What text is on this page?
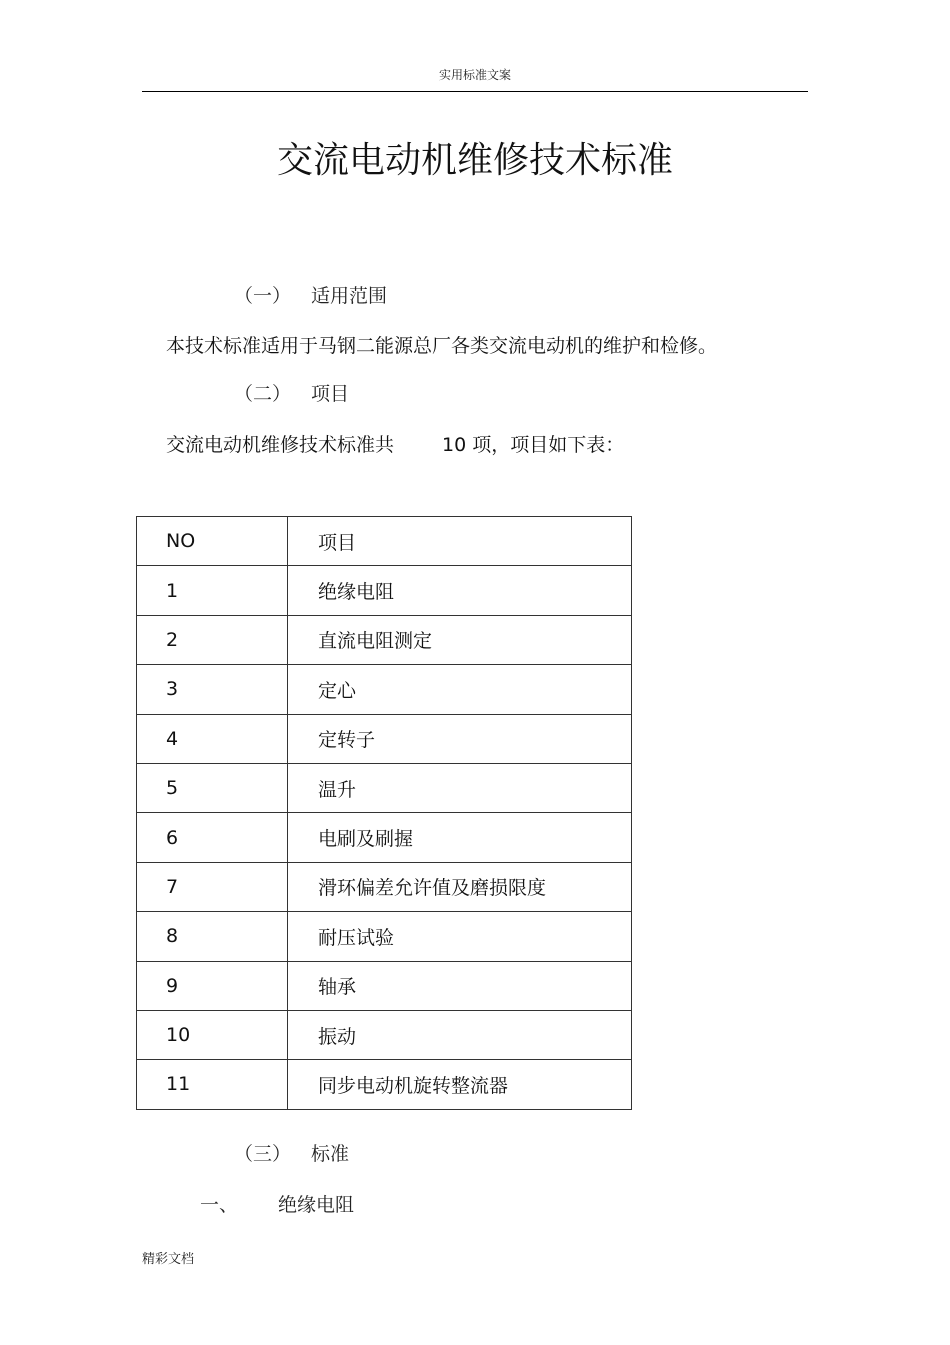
实用标准文案
交流电动机维修技术标准
（一） 适用范围
本技术标准适用于马钢二能源总厂各类交流电动机的维护和检修。
（二） 项目
交流电动机维修技术标准共	10 项，项目如下表：
NO	项目
1	绝缘电阻
2	直流电阻测定
3	定心
4	定转子
5	温升
6	电刷及刷握
7	滑环偏差允许值及磨损限度
8	耐压试验
9	轴承
10	振动
11	同步电动机旋转整流器
（三） 标准
一、 绝缘电阻
精彩文档
